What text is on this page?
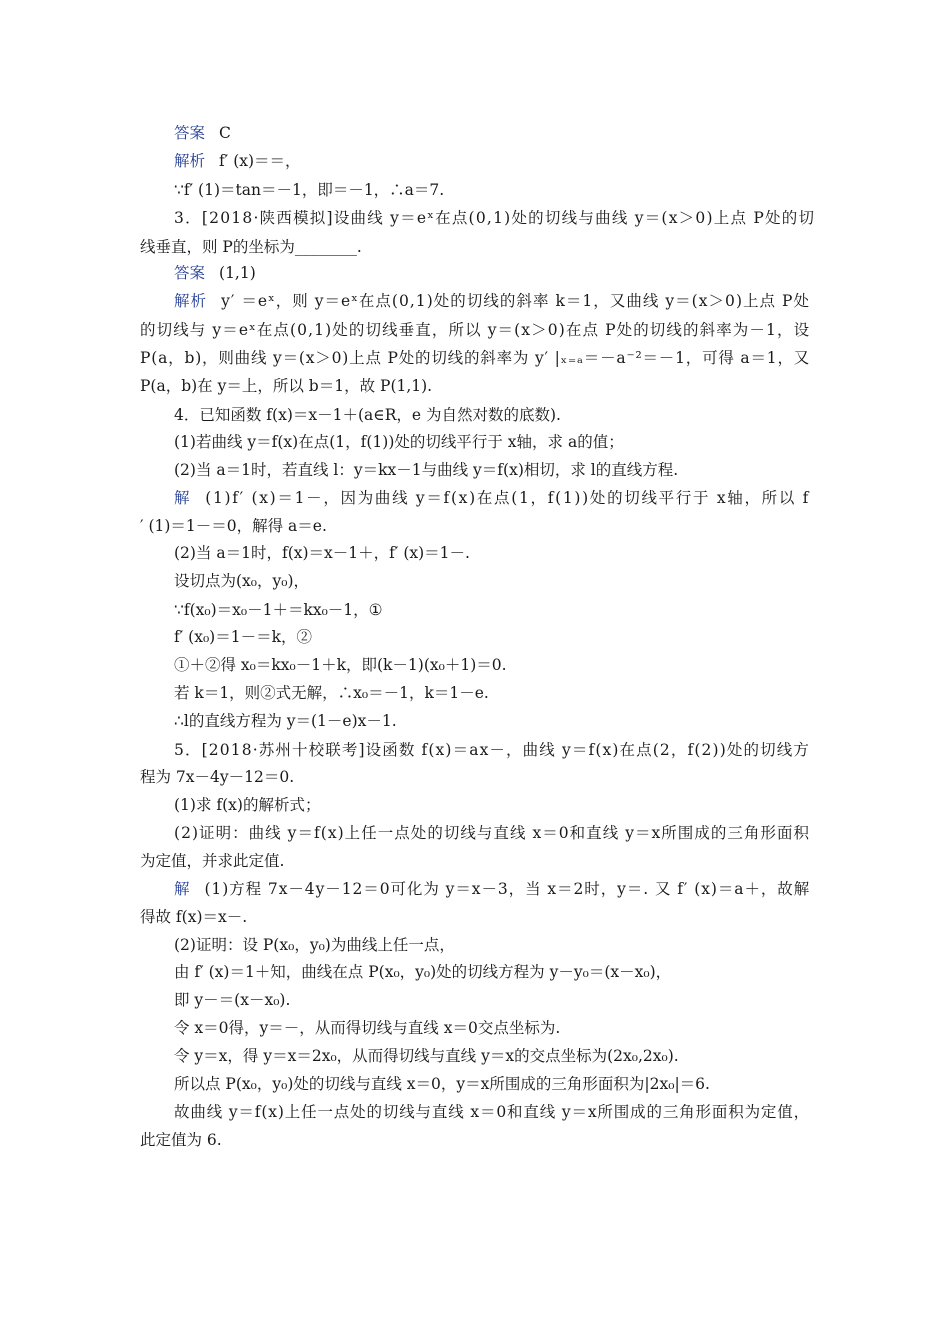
答案 C
解析 f′ (x)＝＝，
∵f′ (1)＝tan＝－1，即＝－1，∴a＝7.
3．[2018·陕西模拟]设曲线 y＝eˣ在点(0,1)处的切线与曲线 y＝(x＞0)上点 P处的切
线垂直，则 P的坐标为________.
答案 (1,1)
解析 y′ ＝eˣ，则 y＝eˣ在点(0,1)处的切线的斜率 k＝1，又曲线 y＝(x＞0)上点 P处
的切线与 y＝eˣ在点(0,1)处的切线垂直，所以 y＝(x＞0)在点 P处的切线的斜率为－1，设
P(a，b)，则曲线 y＝(x＞0)上点 P处的切线的斜率为 y′ |ₓ₌ₐ＝－a⁻²＝－1，可得 a＝1，又
P(a，b)在 y＝上，所以 b＝1，故 P(1,1).
4．已知函数 f(x)＝x－1＋(a∈R，e 为自然对数的底数).
(1)若曲线 y＝f(x)在点(1，f(1))处的切线平行于 x轴，求 a的值；
(2)当 a＝1时，若直线 l：y＝kx－1与曲线 y＝f(x)相切，求 l的直线方程.
解 (1)f′ (x)＝1－，因为曲线 y＝f(x)在点(1，f(1))处的切线平行于 x轴，所以 f
′ (1)＝1－＝0，解得 a＝e.
(2)当 a＝1时，f(x)＝x－1＋，f′ (x)＝1－.
设切点为(x₀，y₀)，
∵f(x₀)＝x₀－1＋＝kx₀－1，①
f′ (x₀)＝1－＝k，②
①＋②得 x₀＝kx₀－1＋k，即(k－1)(x₀＋1)＝0.
若 k＝1，则②式无解，∴x₀＝－1，k＝1－e.
∴l的直线方程为 y＝(1－e)x－1.
5．[2018·苏州十校联考]设函数 f(x)＝ax－，曲线 y＝f(x)在点(2，f(2))处的切线方
程为 7x－4y－12＝0.
(1)求 f(x)的解析式；
(2)证明：曲线 y＝f(x)上任一点处的切线与直线 x＝0和直线 y＝x所围成的三角形面积
为定值，并求此定值.
解 (1)方程 7x－4y－12＝0可化为 y＝x－3，当 x＝2时，y＝. 又 f′ (x)＝a＋，故解
得故 f(x)＝x－.
(2)证明：设 P(x₀，y₀)为曲线上任一点，
由 f′ (x)＝1＋知，曲线在点 P(x₀，y₀)处的切线方程为 y－y₀＝(x－x₀)，
即 y－＝(x－x₀).
令 x＝0得，y＝－，从而得切线与直线 x＝0交点坐标为.
令 y＝x，得 y＝x＝2x₀，从而得切线与直线 y＝x的交点坐标为(2x₀,2x₀).
所以点 P(x₀，y₀)处的切线与直线 x＝0，y＝x所围成的三角形面积为|2x₀|＝6.
故曲线 y＝f(x)上任一点处的切线与直线 x＝0和直线 y＝x所围成的三角形面积为定值，
此定值为 6.
